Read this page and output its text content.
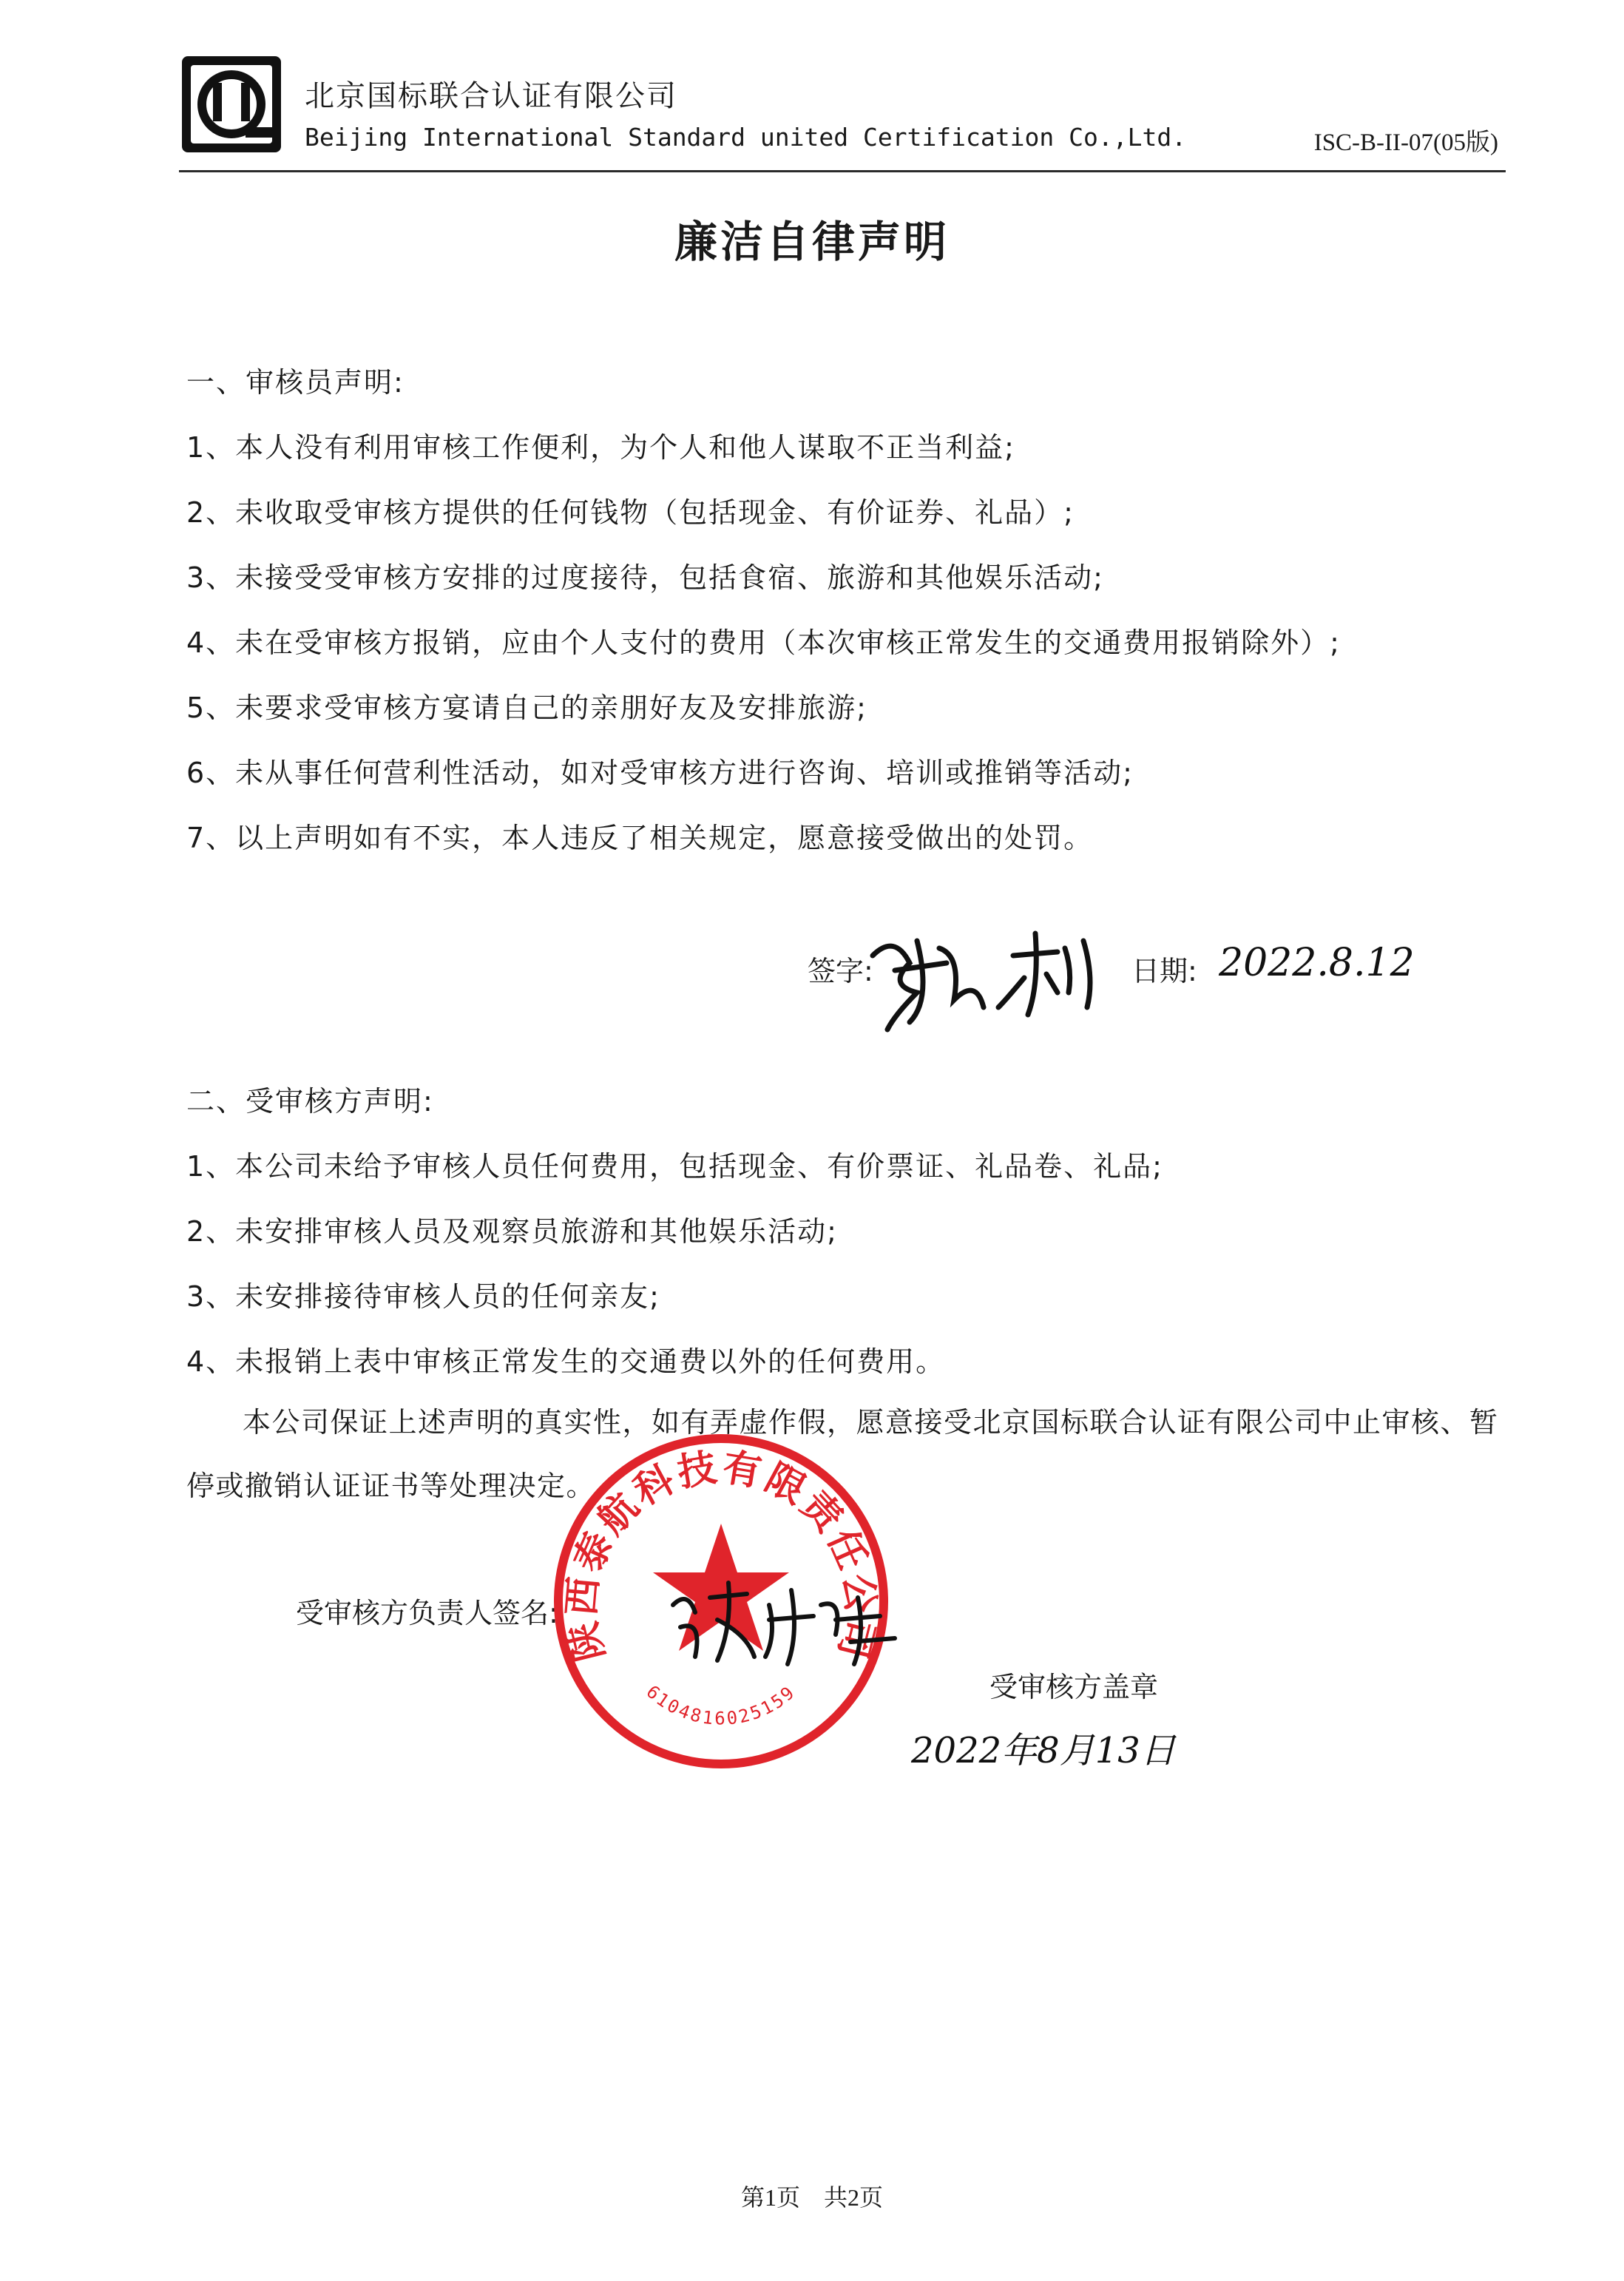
北京国标联合认证有限公司
Beijing International Standard united Certification Co.,Ltd.	ISC-B-II-07(05版)
廉洁自律声明
一、审核员声明:
1、本人没有利用审核工作便利，为个人和他人谋取不正当利益;
2、未收取受审核方提供的任何钱物（包括现金、有价证券、礼品）;
3、未接受受审核方安排的过度接待，包括食宿、旅游和其他娱乐活动;
4、未在受审核方报销，应由个人支付的费用（本次审核正常发生的交通费用报销除外）;
5、未要求受审核方宴请自己的亲朋好友及安排旅游;
6、未从事任何营利性活动，如对受审核方进行咨询、培训或推销等活动;
7、以上声明如有不实，本人违反了相关规定，愿意接受做出的处罚。
签字:	日期: 2022.8.12
二、受审核方声明:
1、本公司未给予审核人员任何费用，包括现金、有价票证、礼品卷、礼品;
2、未安排审核人员及观察员旅游和其他娱乐活动;
3、未安排接待审核人员的任何亲友;
4、未报销上表中审核正常发生的交通费以外的任何费用。
本公司保证上述声明的真实性，如有弄虚作假，愿意接受北京国标联合认证有限公司中止审核、暂停或撤销认证证书等处理决定。
受审核方负责人签名:
陕西泰航科技有限责任公司
6104816025159	受审核方盖章
2022年8月13日
第1页 共2页
